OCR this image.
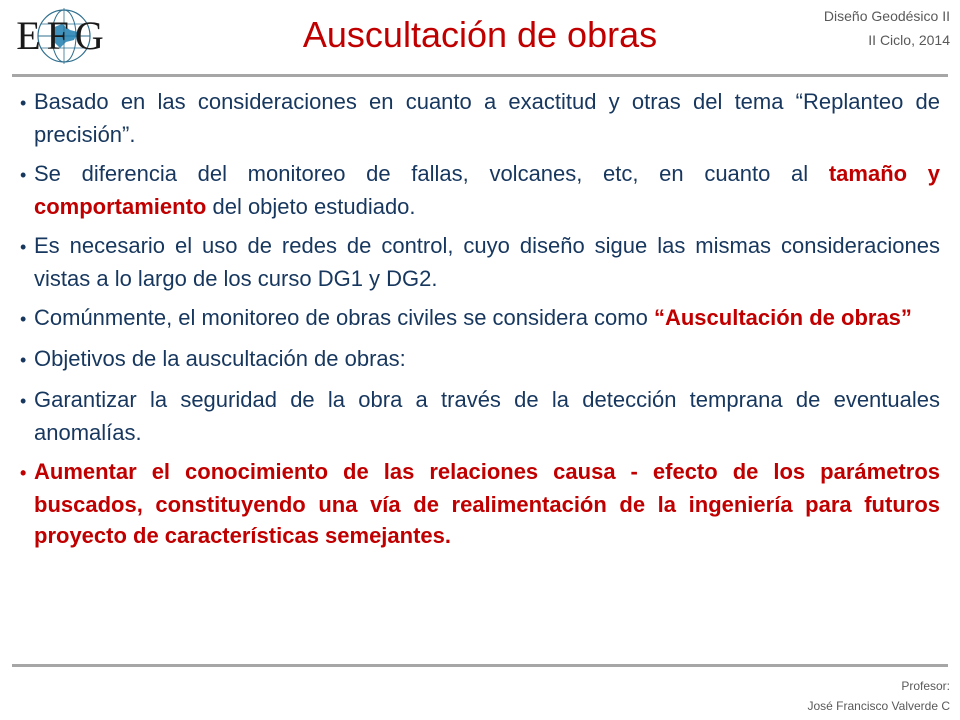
EFG	Auscultación de obras	Diseño Geodésico II
II Ciclo, 2014

• Basado en las consideraciones en cuanto a exactitud y otras del tema “Replanteo de precisión”.

• Se diferencia del monitoreo de fallas, volcanes, etc, en cuanto al tamaño y comportamiento del objeto estudiado.

• Es necesario el uso de redes de control, cuyo diseño sigue las mismas consideraciones vistas a lo largo de los curso DG1 y DG2.

• Comúnmente, el monitoreo de obras civiles se considera como “Auscultación de obras”

• Objetivos de la auscultación de obras:

• Garantizar la seguridad de la obra a través de la detección temprana de eventuales anomalías.

• Aumentar el conocimiento de las relaciones causa - efecto de los parámetros buscados, constituyendo una vía de realimentación de la ingeniería para futuros proyecto de características semejantes.

Profesor:
José Francisco Valverde C
